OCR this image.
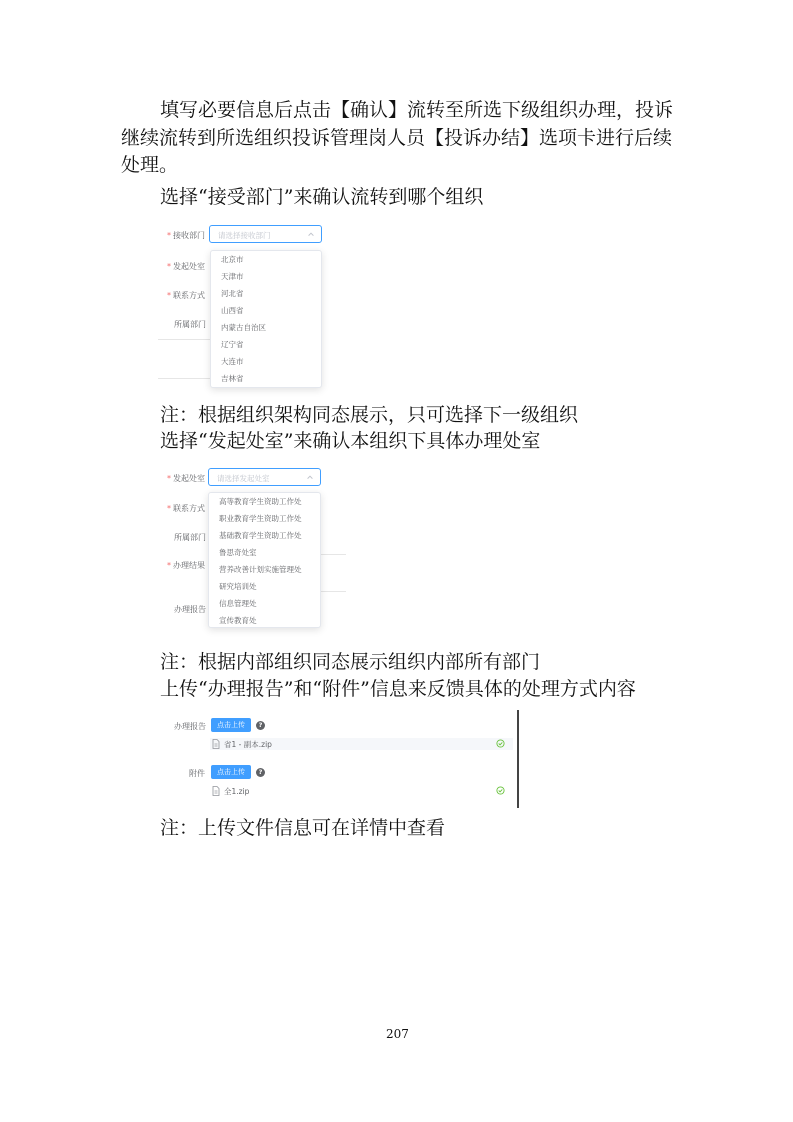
填写必要信息后点击【确认】流转至所选下级组织办理，投诉
继续流转到所选组织投诉管理岗人员【投诉办结】选项卡进行后续
处理。
选择“接受部门”来确认流转到哪个组织
* 接收部门 请选择接收部门
* 发起处室
* 联系方式
所属部门
北京市
天津市
河北省
山西省
内蒙古自治区
辽宁省
大连市
吉林省
注：根据组织架构同态展示，只可选择下一级组织
选择“发起处室”来确认本组织下具体办理处室
* 发起处室 请选择发起处室
* 联系方式
所属部门
* 办理结果
办理报告
高等教育学生资助工作处
职业教育学生资助工作处
基础教育学生资助工作处
鲁思奇处室
营养改善计划实施管理处
研究培训处
信息管理处
宣传教育处
注：根据内部组织同态展示组织内部所有部门
上传“办理报告”和“附件”信息来反馈具体的处理方式内容
办理报告	点击上传	?
省1 - 副本.zip
附件	点击上传	?
全1.zip
注：上传文件信息可在详情中查看
207
